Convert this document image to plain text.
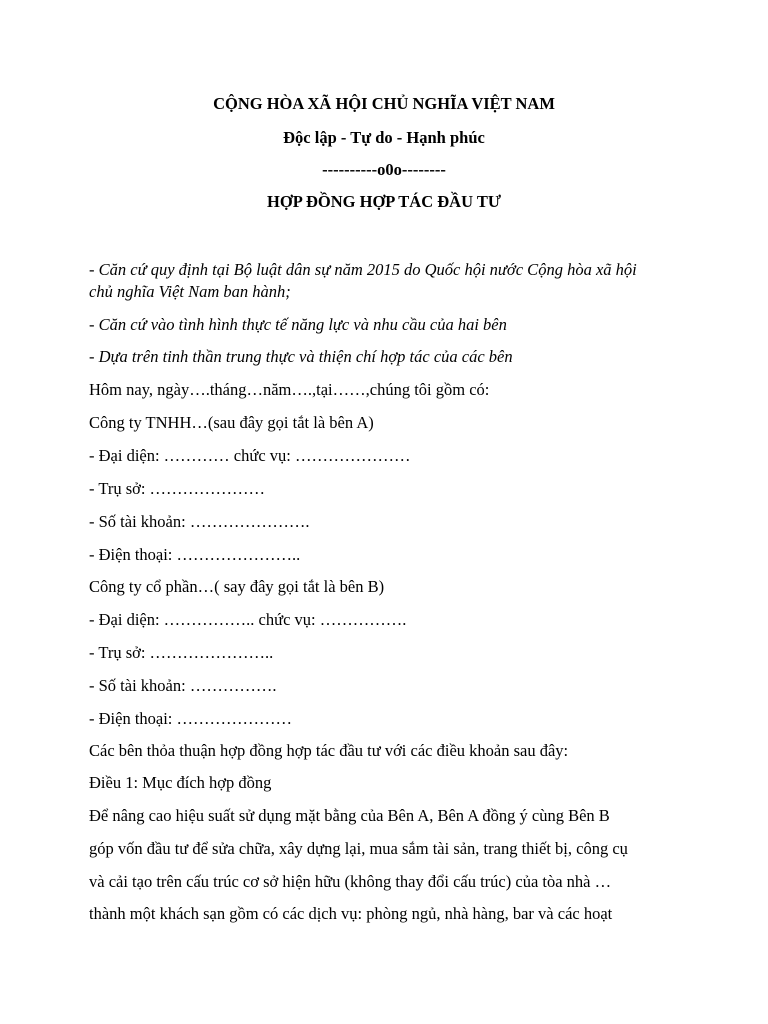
CỘNG HÒA XÃ HỘI CHỦ NGHĨA VIỆT NAM
Độc lập - Tự do - Hạnh phúc
----------o0o--------
HỢP ĐỒNG HỢP TÁC ĐẦU TƯ
- Căn cứ quy định tại Bộ luật dân sự năm 2015 do Quốc hội nước Cộng hòa xã hội
chủ nghĩa Việt Nam ban hành;
- Căn cứ vào tình hình thực tế năng lực và nhu cầu của hai bên
- Dựa trên tinh thần trung thực và thiện chí hợp tác của các bên
Hôm nay, ngày….tháng…năm….,tại……,chúng tôi gồm có:
Công ty TNHH…(sau đây gọi tắt là bên A)
- Đại diện: ………… chức vụ: …………………
- Trụ sở: …………………
- Số tài khoản: ………………….
- Điện thoại: …………………..
Công ty cổ phần…( say đây gọi tắt là bên B)
- Đại diện: …………….. chức vụ: …………….
- Trụ sở: …………………..
- Số tài khoản: …………….
- Điện thoại: …………………
Các bên thỏa thuận hợp đồng hợp tác đầu tư với các điều khoản sau đây:
Điều 1: Mục đích hợp đồng
Để nâng cao hiệu suất sử dụng mặt bằng của Bên A, Bên A đồng ý cùng Bên B
góp vốn đầu tư để sửa chữa, xây dựng lại, mua sắm tài sản, trang thiết bị, công cụ
và cải tạo trên cấu trúc cơ sở hiện hữu (không thay đổi cấu trúc) của tòa nhà …
thành một khách sạn gồm có các dịch vụ: phòng ngủ, nhà hàng, bar và các hoạt
